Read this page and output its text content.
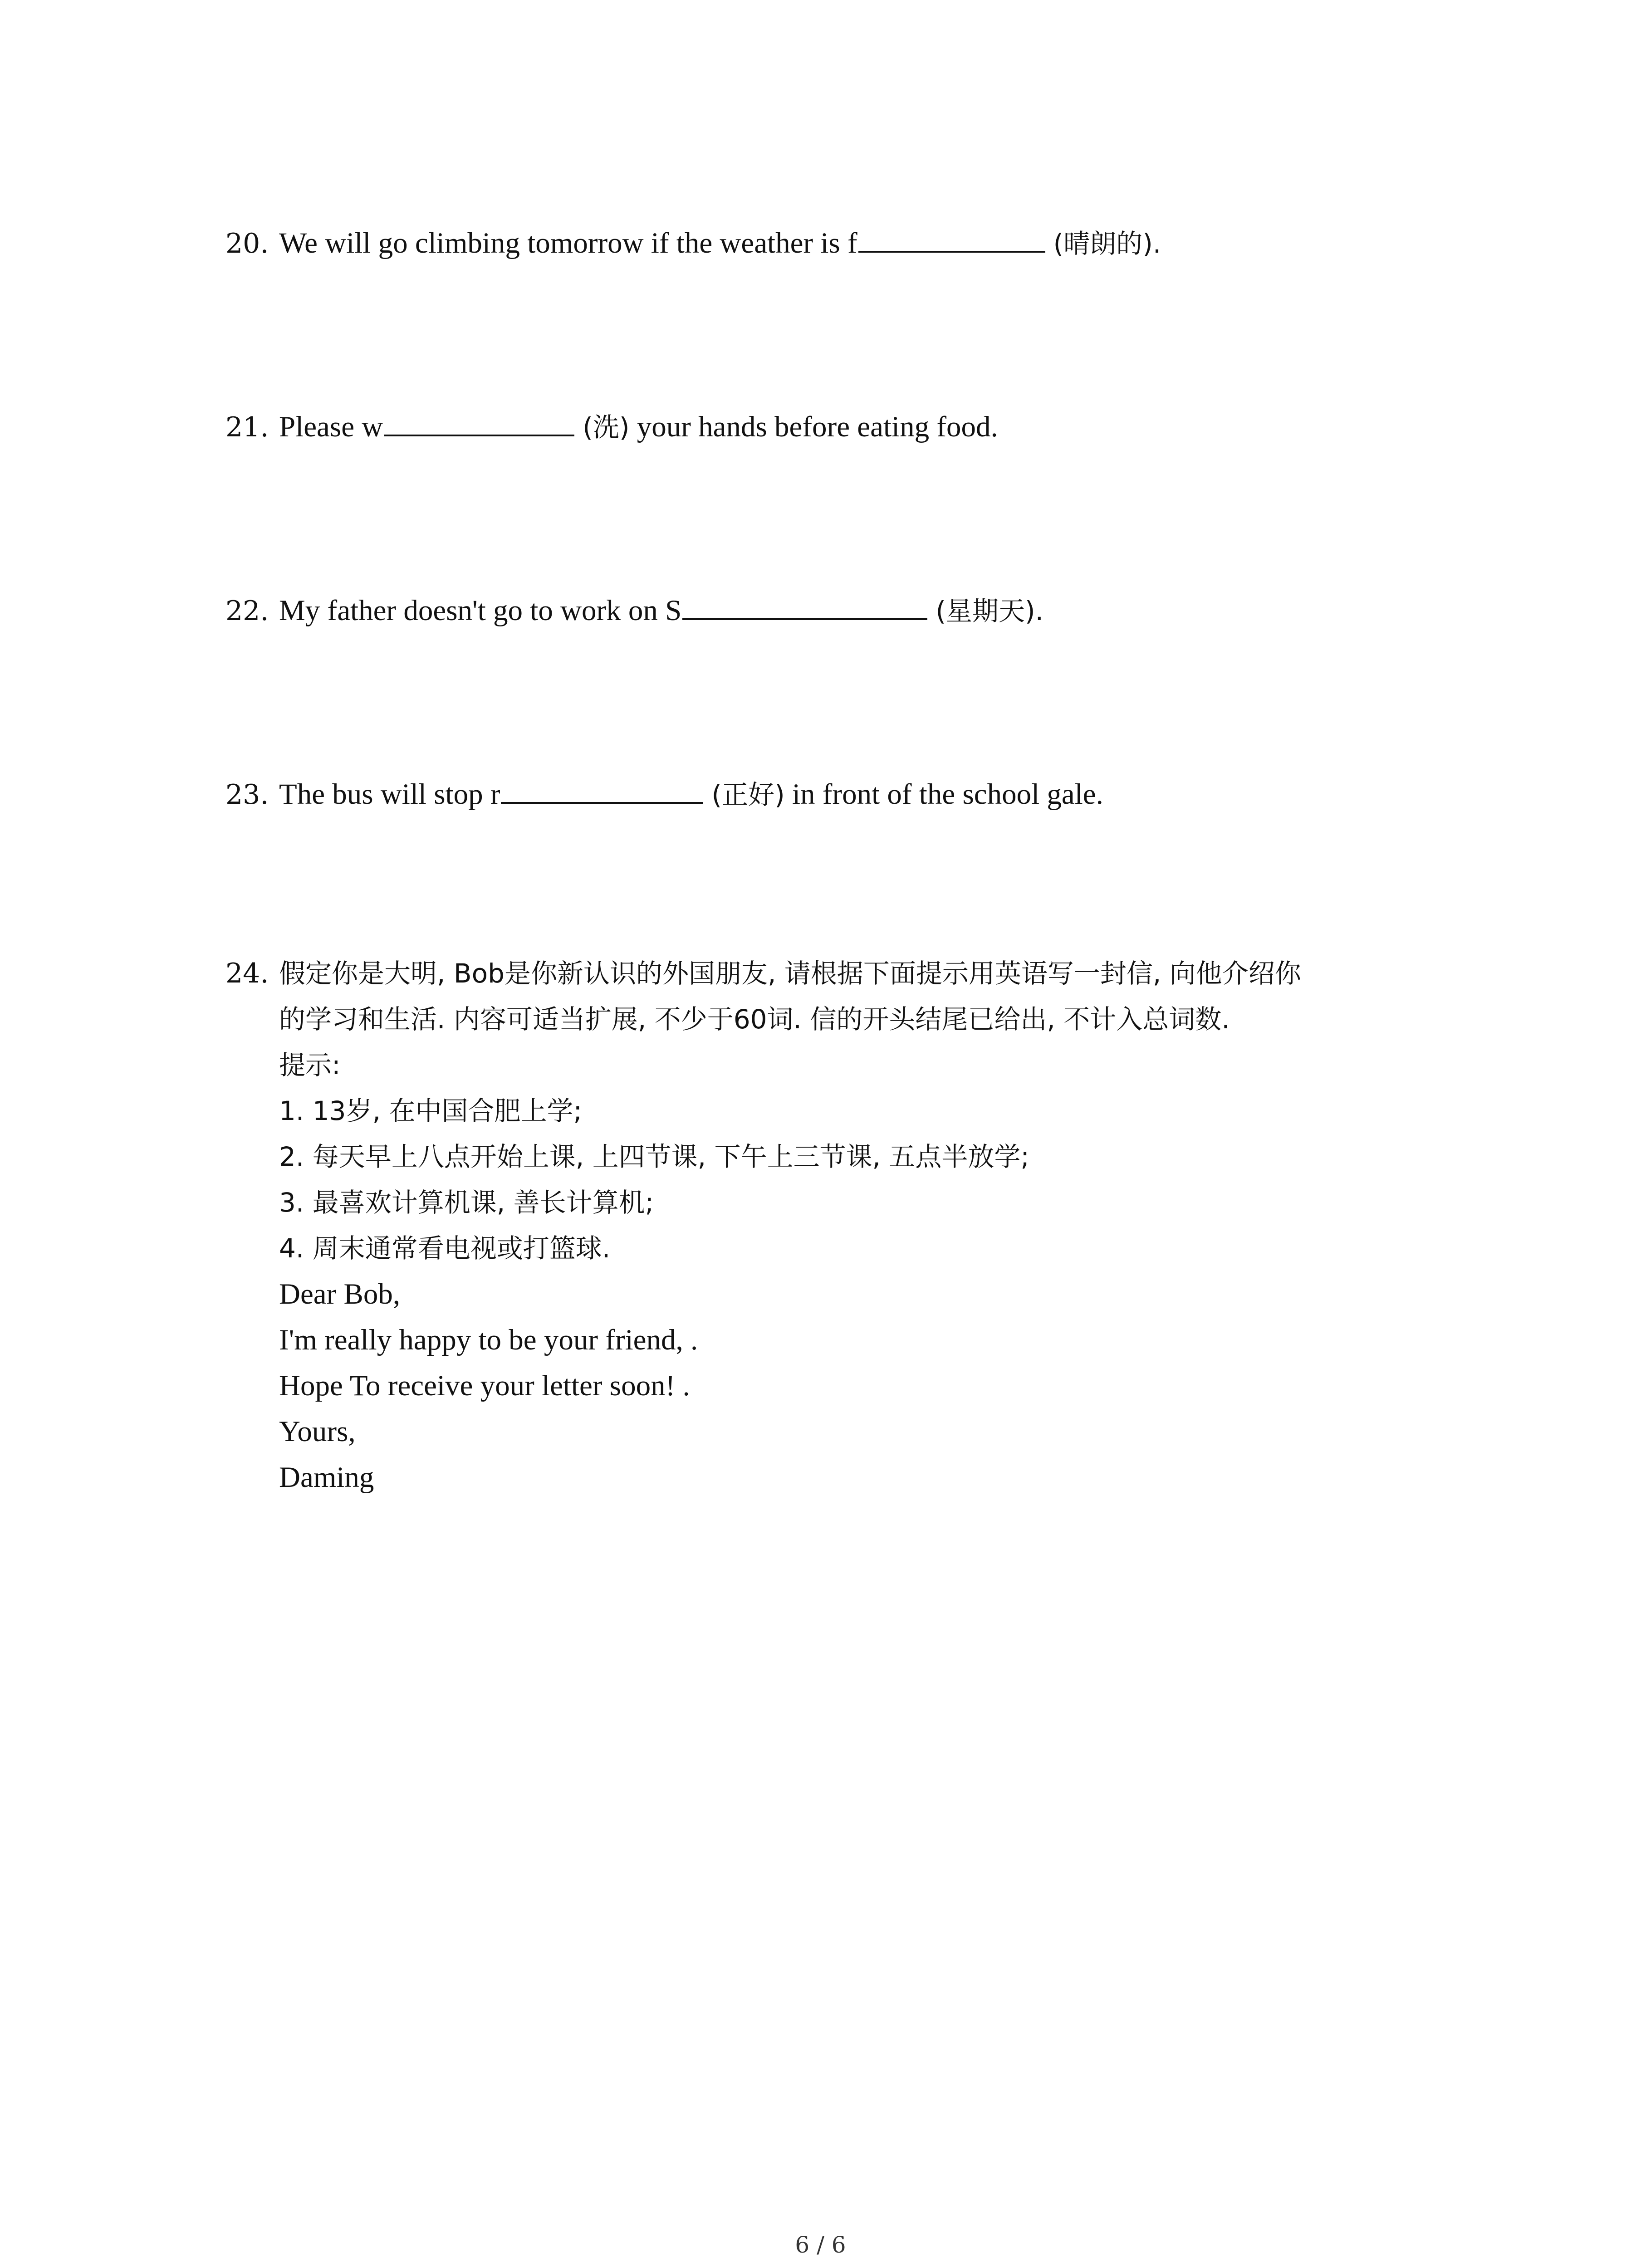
20. We will go climbing tomorrow if the weather is f	(晴朗的).
21. Please w	(洗) your hands before eating food.
22. My father doesn't go to work on S	(星期天).
23. The bus will stop r	(正好) in front of the school gale.
24. 假定你是大明, Bob是你新认识的外国朋友, 请根据下面提示用英语写一封信, 向他介绍你
的学习和生活. 内容可适当扩展, 不少于60词. 信的开头结尾已给出, 不计入总词数.
提示:
1. 13岁, 在中国合肥上学;
2. 每天早上八点开始上课, 上四节课, 下午上三节课, 五点半放学;
3. 最喜欢计算机课, 善长计算机;
4. 周末通常看电视或打篮球.
Dear Bob,
I'm really happy to be your friend, .
Hope To receive your letter soon! .
Yours,
Daming
6 / 6
